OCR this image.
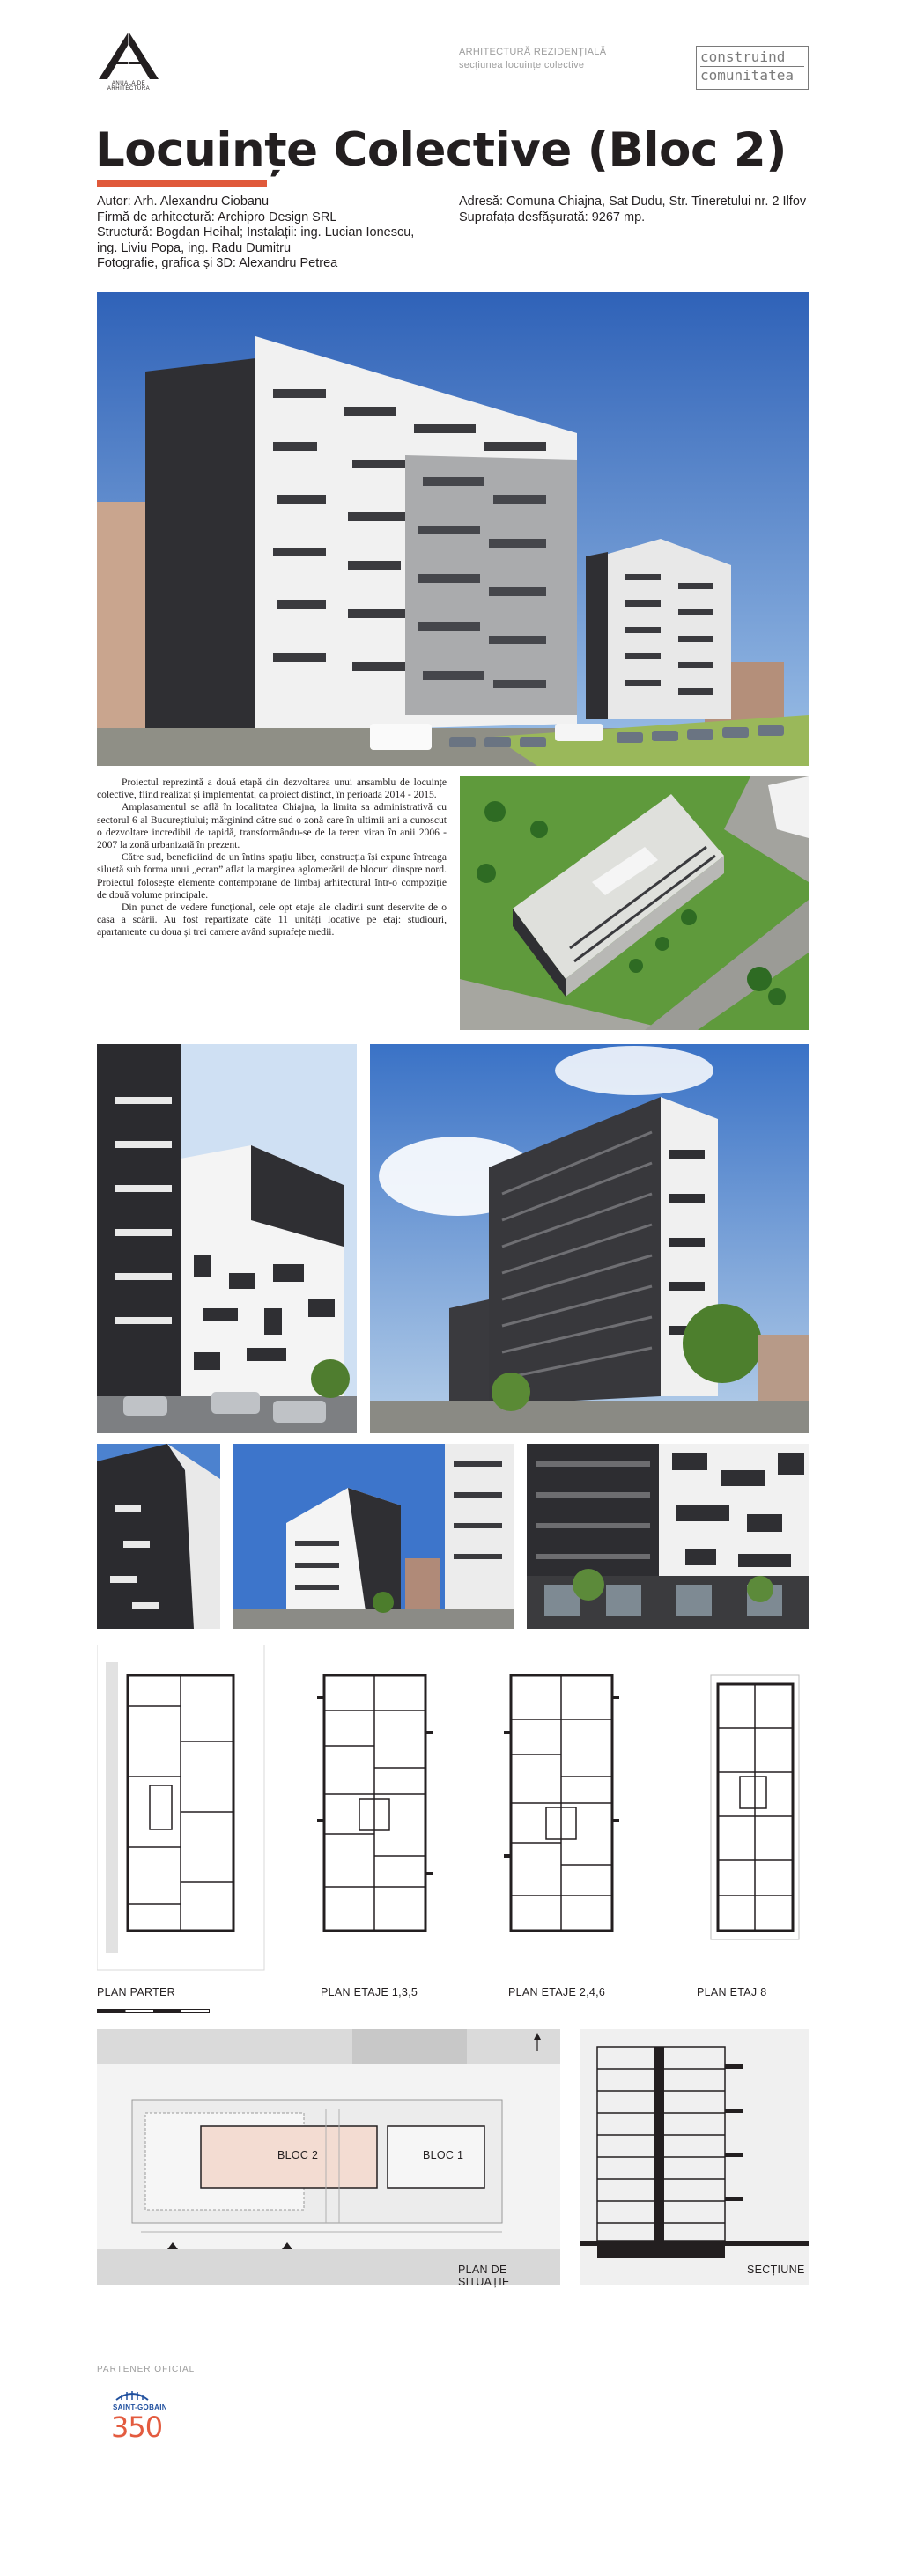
ANUALA DE ARHITECTURA
ARHITECTURĂ REZIDENȚIALĂ
secțiunea locuințe colective	construind
comunitatea
Locuințe Colective (Bloc 2)
Autor: Arh. Alexandru Ciobanu
Firmă de arhitectură: Archipro Design SRL
Structură: Bogdan Heihal; Instalații: ing. Lucian Ionescu, ing. Liviu Popa, ing. Radu Dumitru
Fotografie, grafica și 3D: Alexandru Petrea
Adresă: Comuna Chiajna, Sat Dudu, Str. Tineretului nr. 2 Ilfov
Suprafața desfășurată: 9267 mp.

Proiectul reprezintă a două etapă din dezvoltarea unui ansamblu de locuințe colective, fiind realizat și implementat, ca proiect distinct, în perioada 2014 - 2015.

Amplasamentul se află în localitatea Chiajna, la limita sa administrativă cu sectorul 6 al Bucureștiului; mărginind către sud o zonă care în ultimii ani a cunoscut o dezvoltare incredibil de rapidă, transformându-se de la teren viran în anii 2006 - 2007 la zonă urbanizată în prezent.

Către sud, beneficiind de un întins spațiu liber, construcția își expune întreaga siluetă sub forma unui „ecran” aflat la marginea aglomerării de blocuri dinspre nord. Proiectul folosește elemente contemporane de limbaj arhitectural într-o compoziție de două volume principale.

Din punct de vedere funcțional, cele opt etaje ale cladirii sunt deservite de o casa a scării. Au fost repartizate câte 11 unități locative pe etaj: studiouri, apartamente cu doua și trei camere având suprafețe medii.

PLAN PARTER	PLAN ETAJE 1,3,5	PLAN ETAJE 2,4,6	PLAN ETAJ 8
BLOC 2	BLOC 1
PLAN DE SITUAȚIE
SECȚIUNE
PARTENER OFICIAL
SAINT-GOBAIN
350
